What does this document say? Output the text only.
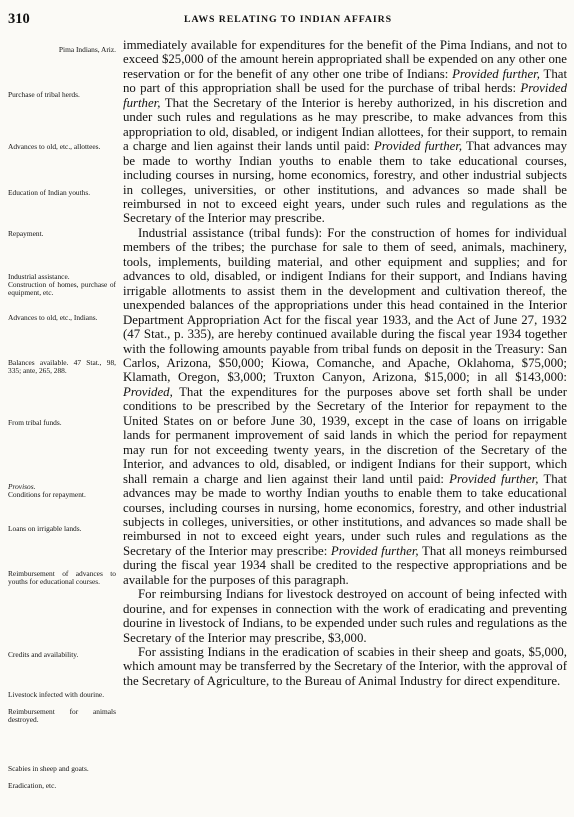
310	LAWS RELATING TO INDIAN AFFAIRS
Pima Indians, Ariz.
Purchase of tribal herds.
Advances to old, etc., allottees.
Education of Indian youths.
Repayment.
Industrial assistance.
Construction of homes, purchase of equipment, etc.
Advances to old, etc., Indians.
Balances available. 47 Stat., 98, 335; ante, 265, 288.
From tribal funds.
Provisos.
Conditions for repayment.
Loans on irrigable lands.
Reimbursement of advances to youths for educational courses.
Credits and availability.
Livestock infected with dourine.
Reimbursement for animals destroyed.
Scabies in sheep and goats.
Eradication, etc.

immediately available for expenditures for the benefit of the Pima Indians, and not to exceed $25,000 of the amount herein appropriated shall be expended on any other one reservation or for the benefit of any other one tribe of Indians: Provided further, That no part of this appropriation shall be used for the purchase of tribal herds: Provided further, That the Secretary of the Interior is hereby authorized, in his discretion and under such rules and regulations as he may prescribe, to make advances from this appropriation to old, disabled, or indigent Indian allottees, for their support, to remain a charge and lien against their lands until paid: Provided further, That advances may be made to worthy Indian youths to enable them to take educational courses, including courses in nursing, home economics, forestry, and other industrial subjects in colleges, universities, or other institutions, and advances so made shall be reimbursed in not to exceed eight years, under such rules and regulations as the Secretary of the Interior may prescribe.

Industrial assistance (tribal funds): For the construction of homes for individual members of the tribes; the purchase for sale to them of seed, animals, machinery, tools, implements, building material, and other equipment and supplies; and for advances to old, disabled, or indigent Indians for their support, and Indians having irrigable allotments to assist them in the development and cultivation thereof, the unexpended balances of the appropriations under this head contained in the Interior Department Appropriation Act for the fiscal year 1933, and the Act of June 27, 1932 (47 Stat., p. 335), are hereby continued available during the fiscal year 1934 together with the following amounts payable from tribal funds on deposit in the Treasury: San Carlos, Arizona, $50,000; Kiowa, Comanche, and Apache, Oklahoma, $75,000; Klamath, Oregon, $3,000; Truxton Canyon, Arizona, $15,000; in all $143,000: Provided, That the expenditures for the purposes above set forth shall be under conditions to be prescribed by the Secretary of the Interior for repayment to the United States on or before June 30, 1939, except in the case of loans on irrigable lands for permanent improvement of said lands in which the period for repayment may run for not exceeding twenty years, in the discretion of the Secretary of the Interior, and advances to old, disabled, or indigent Indians for their support, which shall remain a charge and lien against their land until paid: Provided further, That advances may be made to worthy Indian youths to enable them to take educational courses, including courses in nursing, home economics, forestry, and other industrial subjects in colleges, universities, or other institutions, and advances so made shall be reimbursed in not to exceed eight years, under such rules and regulations as the Secretary of the Interior may prescribe: Provided further, That all moneys reimbursed during the fiscal year 1934 shall be credited to the respective appropriations and be available for the purposes of this paragraph.

For reimbursing Indians for livestock destroyed on account of being infected with dourine, and for expenses in connection with the work of eradicating and preventing dourine in livestock of Indians, to be expended under such rules and regulations as the Secretary of the Interior may prescribe, $3,000.

For assisting Indians in the eradication of scabies in their sheep and goats, $5,000, which amount may be transferred by the Secretary of the Interior, with the approval of the Secretary of Agriculture, to the Bureau of Animal Industry for direct expenditure.
